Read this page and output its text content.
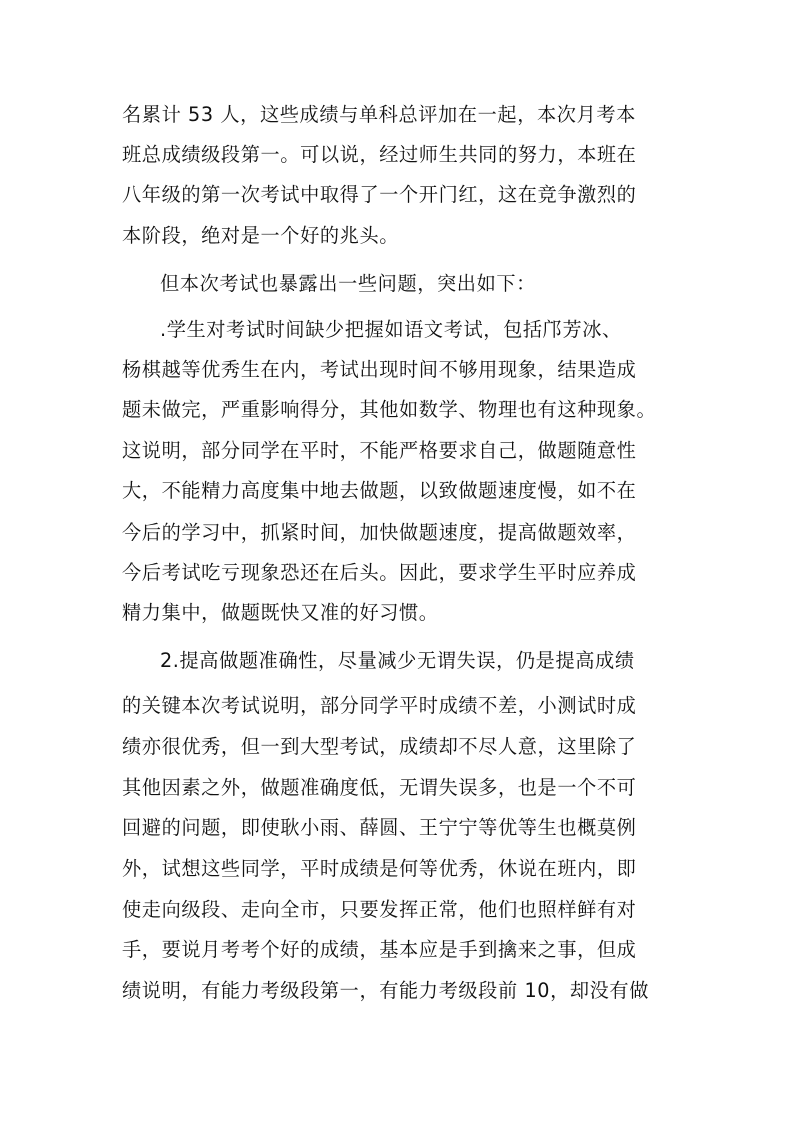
名累计 53 人，这些成绩与单科总评加在一起，本次月考本
班总成绩级段第一。可以说，经过师生共同的努力，本班在
八年级的第一次考试中取得了一个开门红，这在竞争激烈的
本阶段，绝对是一个好的兆头。
但本次考试也暴露出一些问题，突出如下：
.学生对考试时间缺少把握如语文考试，包括邝芳冰、
杨棋越等优秀生在内，考试出现时间不够用现象，结果造成
题未做完，严重影响得分，其他如数学、物理也有这种现象。
这说明，部分同学在平时，不能严格要求自己，做题随意性
大，不能精力高度集中地去做题，以致做题速度慢，如不在
今后的学习中，抓紧时间，加快做题速度，提高做题效率，
今后考试吃亏现象恐还在后头。因此，要求学生平时应养成
精力集中，做题既快又准的好习惯。
2.提高做题准确性，尽量减少无谓失误，仍是提高成绩
的关键本次考试说明，部分同学平时成绩不差，小测试时成
绩亦很优秀，但一到大型考试，成绩却不尽人意，这里除了
其他因素之外，做题准确度低，无谓失误多，也是一个不可
回避的问题，即使耿小雨、薛圆、王宁宁等优等生也概莫例
外，试想这些同学，平时成绩是何等优秀，休说在班内，即
使走向级段、走向全市，只要发挥正常，他们也照样鲜有对
手，要说月考考个好的成绩，基本应是手到擒来之事，但成
绩说明，有能力考级段第一，有能力考级段前 10，却没有做
